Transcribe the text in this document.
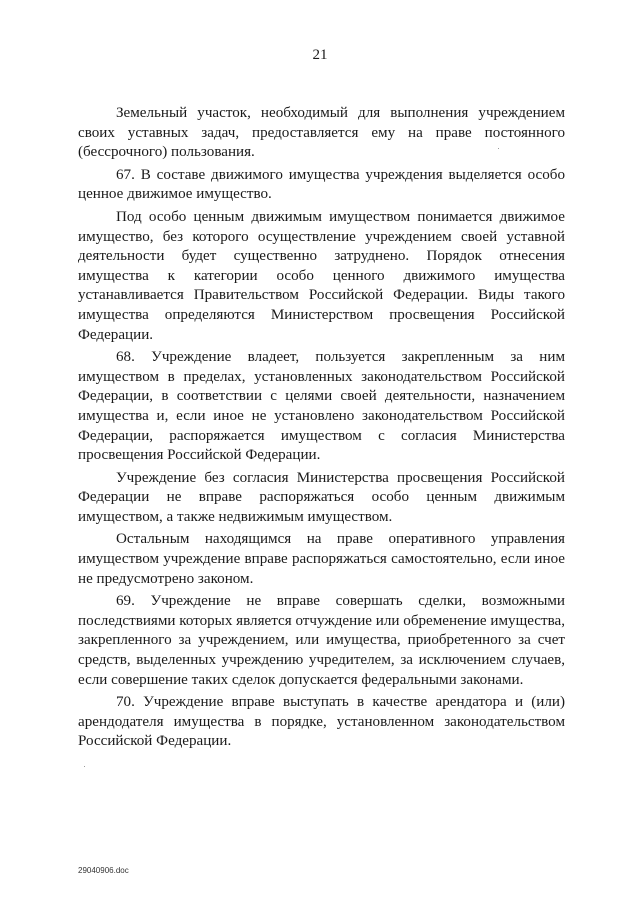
21

Земельный участок, необходимый для выполнения учреждением своих уставных задач, предоставляется ему на праве постоянного (бессрочного) пользования.

67. В составе движимого имущества учреждения выделяется особо ценное движимое имущество.

Под особо ценным движимым имуществом понимается движимое имущество, без которого осуществление учреждением своей уставной деятельности будет существенно затруднено. Порядок отнесения имущества к категории особо ценного движимого имущества устанавливается Правительством Российской Федерации. Виды такого имущества определяются Министерством просвещения Российской Федерации.

68. Учреждение владеет, пользуется закрепленным за ним имуществом в пределах, установленных законодательством Российской Федерации, в соответствии с целями своей деятельности, назначением имущества и, если иное не установлено законодательством Российской Федерации, распоряжается имуществом с согласия Министерства просвещения Российской Федерации.

Учреждение без согласия Министерства просвещения Российской Федерации не вправе распоряжаться особо ценным движимым имуществом, а также недвижимым имуществом.

Остальным находящимся на праве оперативного управления имуществом учреждение вправе распоряжаться самостоятельно, если иное не предусмотрено законом.

69. Учреждение не вправе совершать сделки, возможными последствиями которых является отчуждение или обременение имущества, закрепленного за учреждением, или имущества, приобретенного за счет средств, выделенных учреждению учредителем, за исключением случаев, если совершение таких сделок допускается федеральными законами.

70. Учреждение вправе выступать в качестве арендатора и (или) арендодателя имущества в порядке, установленном законодательством Российской Федерации.

29040906.doc
